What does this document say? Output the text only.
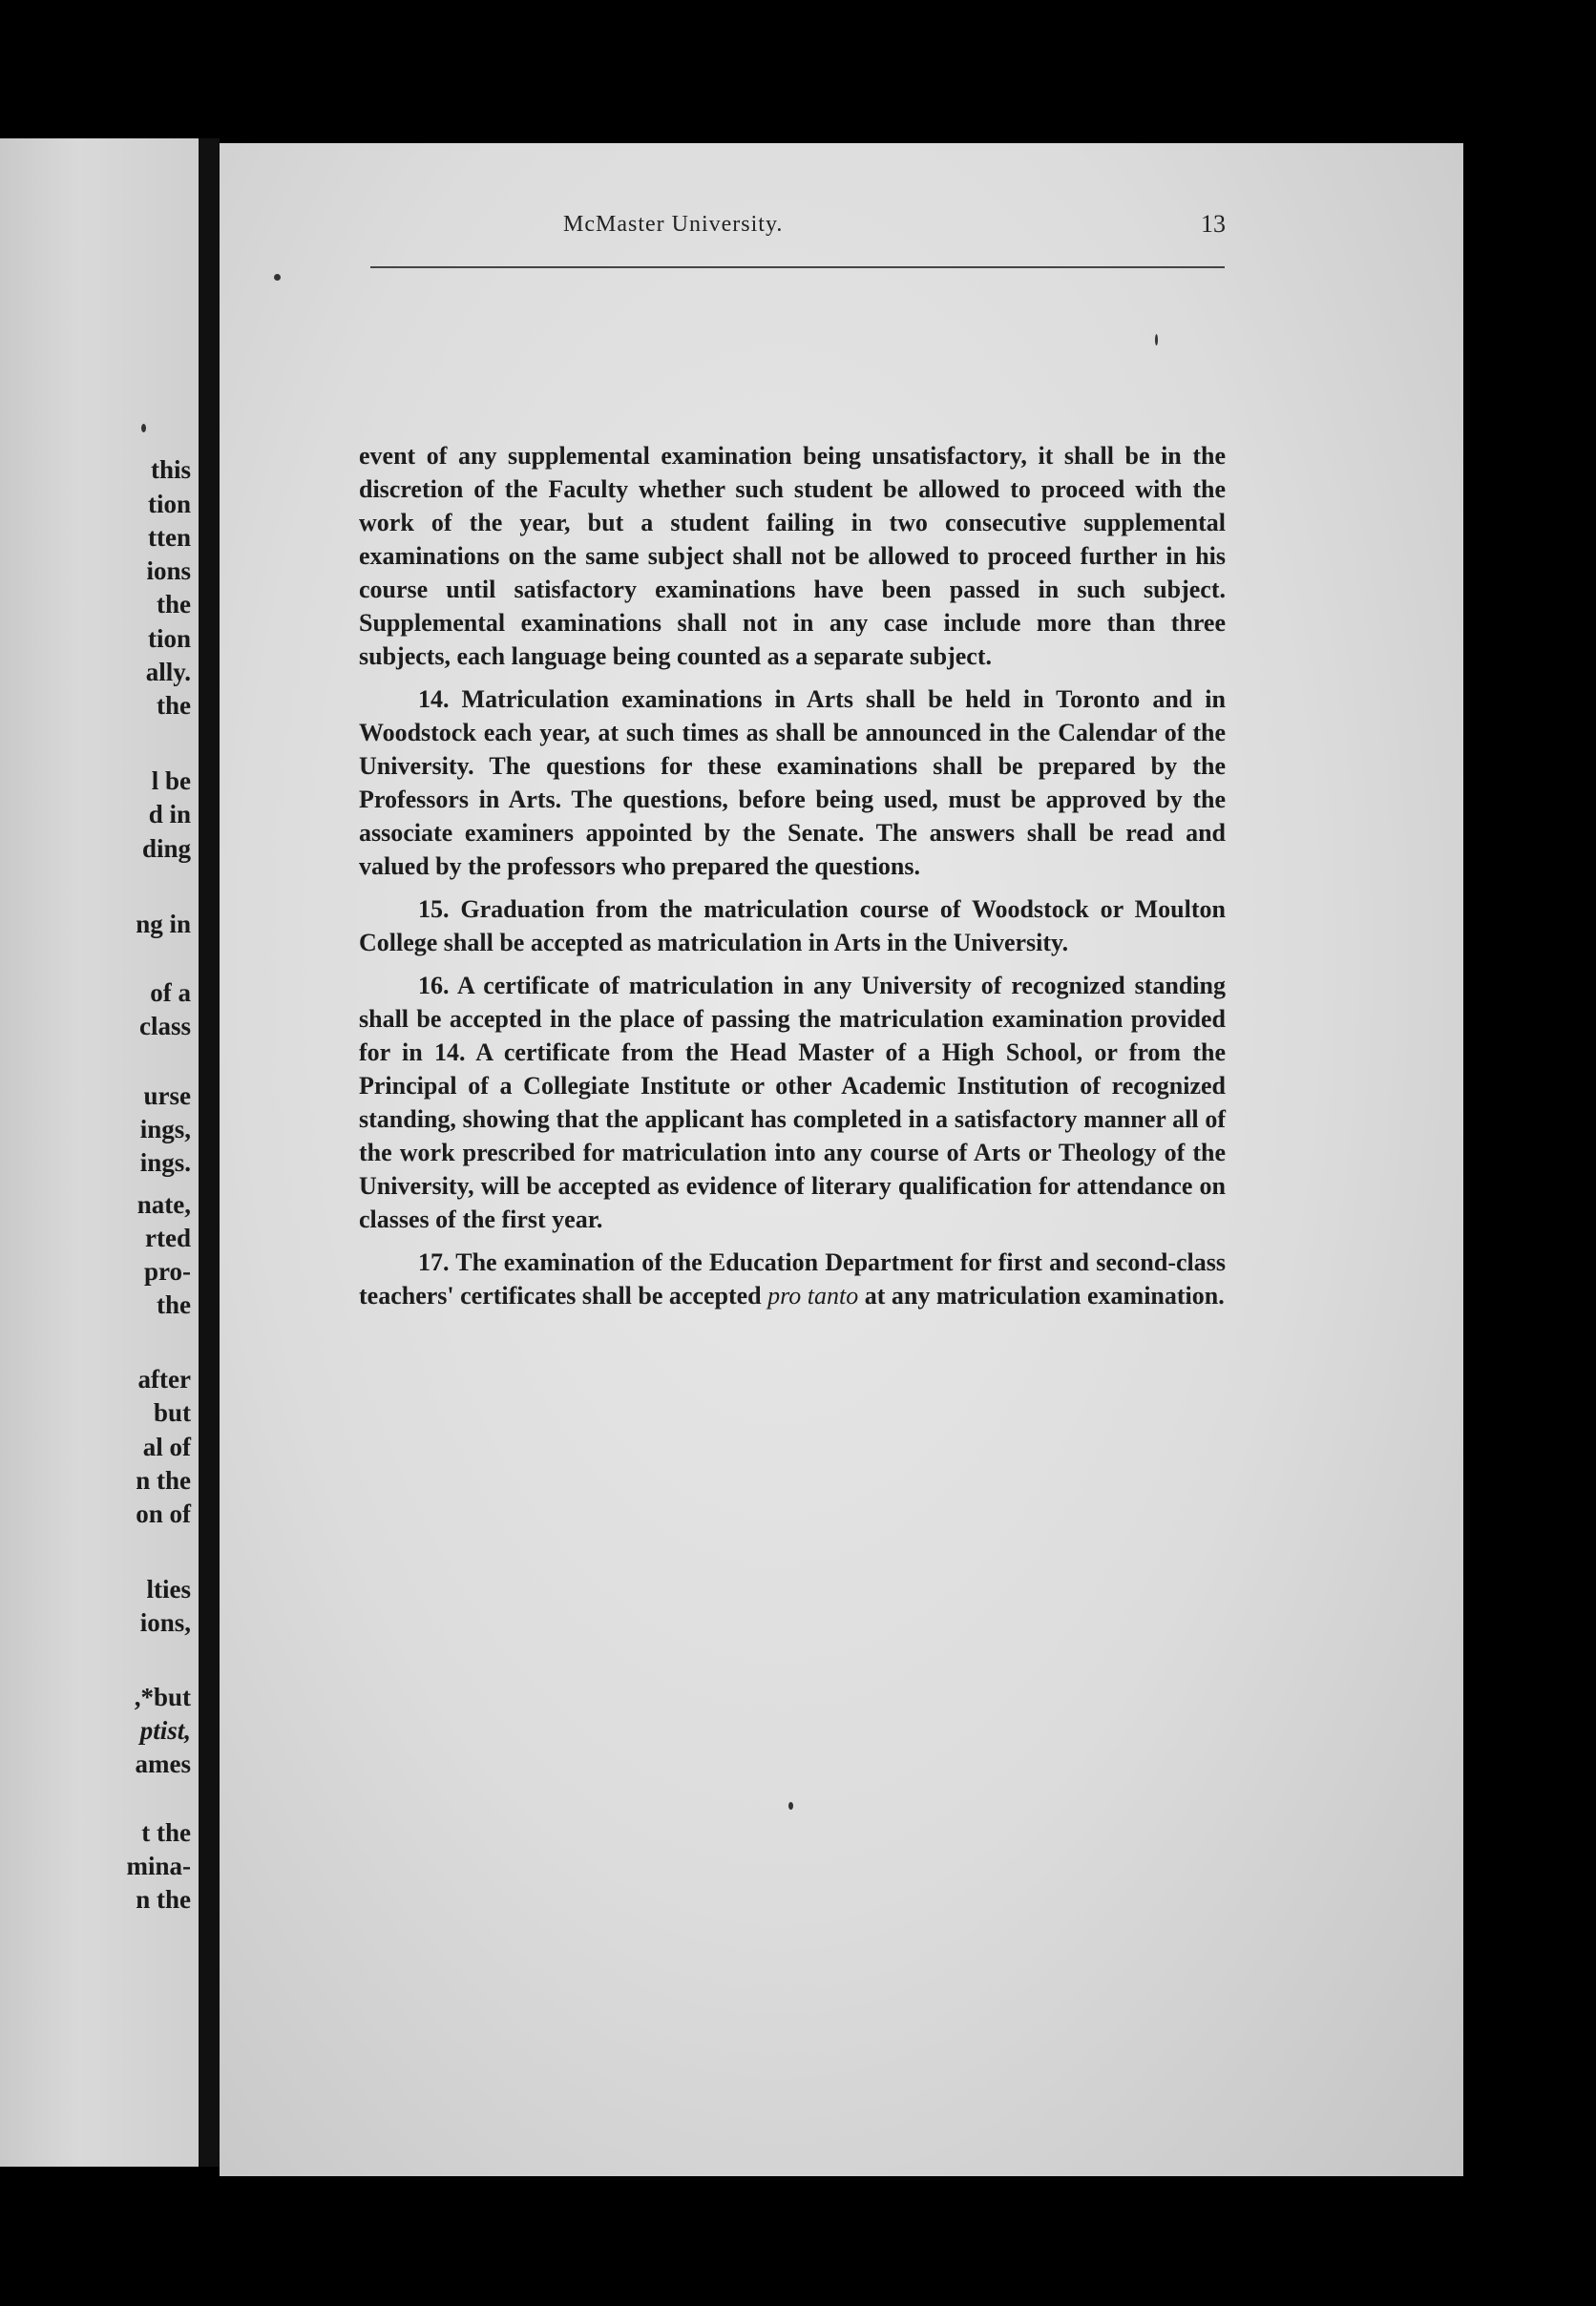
this
tion
tten
ions
the
tion
ally.
the
l be
d in
ding
ng in
of a
class
urse
ings,
ings.
nate,
rted
pro-
the
after
but
al of
n the
on of
lties
ions,
,*but
ptist,
ames
t the
mina-
n the
McMaster University.	13

event of any supplemental examination being unsatisfactory, it shall be in the discretion of the Faculty whether such student be allowed to proceed with the work of the year, but a student failing in two consecutive supplemental examinations on the same subject shall not be allowed to proceed further in his course until satisfactory examinations have been passed in such subject. Supplemental examinations shall not in any case include more than three subjects, each language being counted as a separate subject.

14. Matriculation examinations in Arts shall be held in Toronto and in Woodstock each year, at such times as shall be announced in the Calendar of the University. The questions for these examinations shall be prepared by the Professors in Arts. The questions, before being used, must be approved by the associate examiners appointed by the Senate. The answers shall be read and valued by the professors who prepared the questions.

15. Graduation from the matriculation course of Woodstock or Moulton College shall be accepted as matriculation in Arts in the University.

16. A certificate of matriculation in any University of recognized standing shall be accepted in the place of passing the matriculation examination provided for in 14. A certificate from the Head Master of a High School, or from the Principal of a Collegiate Institute or other Academic Institution of recognized standing, showing that the applicant has completed in a satisfactory manner all of the work prescribed for matriculation into any course of Arts or Theology of the University, will be accepted as evidence of literary qualification for attendance on classes of the first year.

17. The examination of the Education Department for first and second-class teachers' certificates shall be accepted pro tanto at any matriculation examination.
